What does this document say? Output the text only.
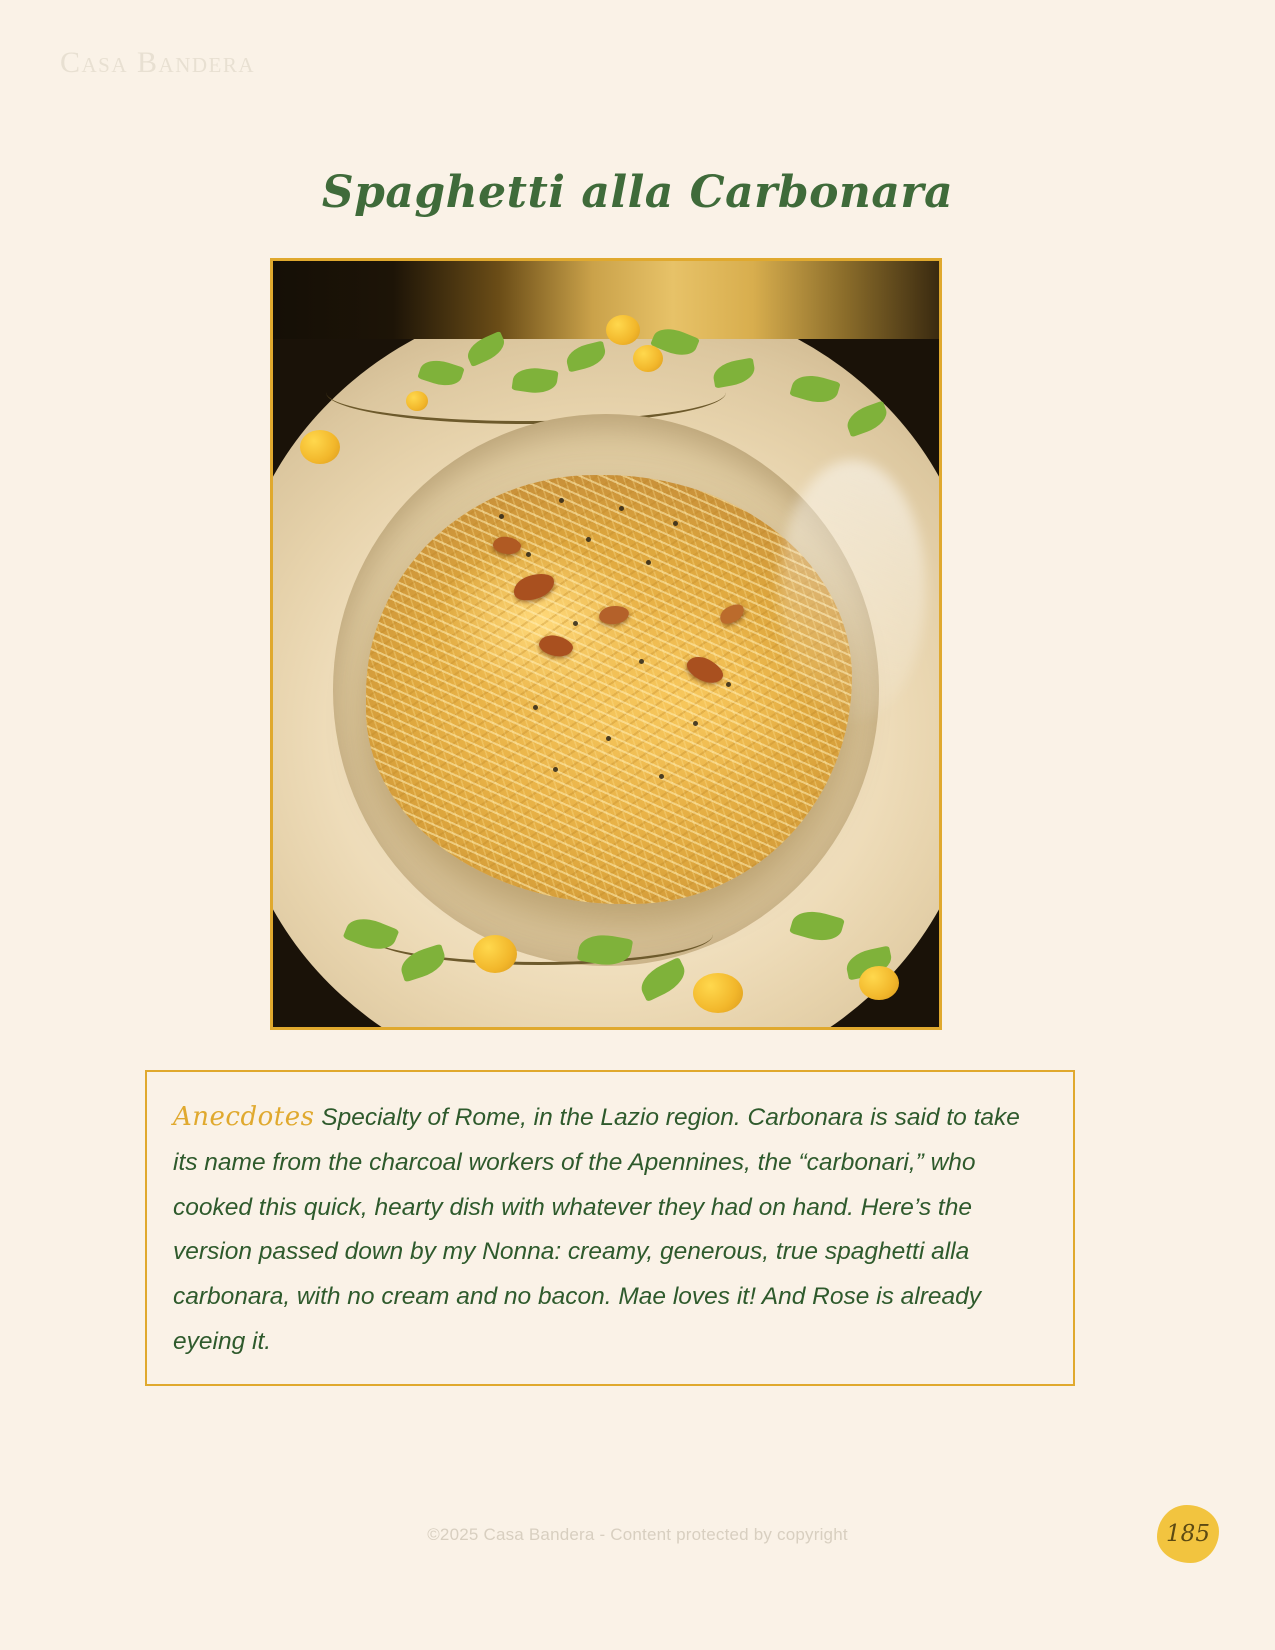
Casa Bandera
Spaghetti alla Carbonara

Anecdotes Specialty of Rome, in the Lazio region. Carbonara is said to take its name from the charcoal workers of the Apennines, the “carbonari,” who cooked this quick, hearty dish with whatever they had on hand. Here’s the version passed down by my Nonna: creamy, generous, true spaghetti alla carbonara, with no cream and no bacon. Mae loves it! And Rose is already eyeing it.

©2025 Casa Bandera - Content protected by copyright	185
